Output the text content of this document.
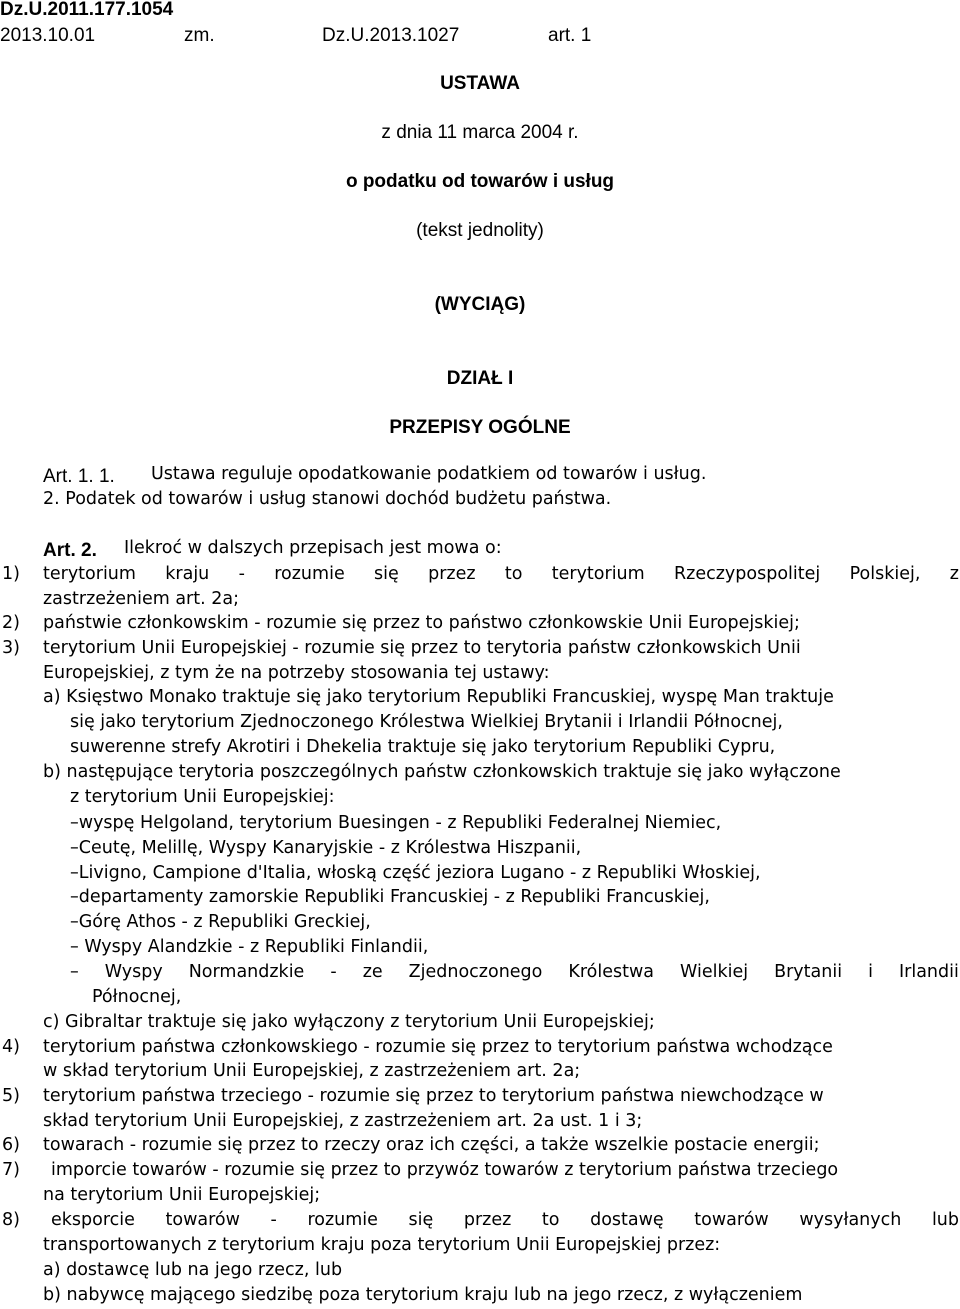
Dz.U.2011.177.1054
2013.10.01	zm.	Dz.U.2013.1027	art. 1
USTAWA
z dnia 11 marca 2004 r.
o podatku od towarów i usług
(tekst jednolity)
(WYCIĄG)
DZIAŁ I
PRZEPISY OGÓLNE
Art. 1. 1. Ustawa reguluje opodatkowanie podatkiem od towarów i usług.
2. Podatek od towarów i usług stanowi dochód budżetu państwa.
Art. 2. Ilekroć w dalszych przepisach jest mowa o:
1) terytorium kraju - rozumie się przez to terytorium Rzeczypospolitej Polskiej, z
zastrzeżeniem art. 2a;
2) państwie członkowskim - rozumie się przez to państwo członkowskie Unii Europejskiej;
3) terytorium Unii Europejskiej - rozumie się przez to terytoria państw członkowskich Unii
Europejskiej, z tym że na potrzeby stosowania tej ustawy:
a) Księstwo Monako traktuje się jako terytorium Republiki Francuskiej, wyspę Man traktuje
się jako terytorium Zjednoczonego Królestwa Wielkiej Brytanii i Irlandii Północnej,
suwerenne strefy Akrotiri i Dhekelia traktuje się jako terytorium Republiki Cypru,
b) następujące terytoria poszczególnych państw członkowskich traktuje się jako wyłączone
z terytorium Unii Europejskiej:
–wyspę Helgoland, terytorium Buesingen - z Republiki Federalnej Niemiec,
–Ceutę, Melillę, Wyspy Kanaryjskie - z Królestwa Hiszpanii,
–Livigno, Campione d'Italia, włoską część jeziora Lugano - z Republiki Włoskiej,
–departamenty zamorskie Republiki Francuskiej - z Republiki Francuskiej,
–Górę Athos - z Republiki Greckiej,
– Wyspy Alandzkie - z Republiki Finlandii,
– Wyspy Normandzkie - ze Zjednoczonego Królestwa Wielkiej Brytanii i Irlandii
Północnej,
c) Gibraltar traktuje się jako wyłączony z terytorium Unii Europejskiej;
4) terytorium państwa członkowskiego - rozumie się przez to terytorium państwa wchodzące
w skład terytorium Unii Europejskiej, z zastrzeżeniem art. 2a;
5) terytorium państwa trzeciego - rozumie się przez to terytorium państwa niewchodzące w
skład terytorium Unii Europejskiej, z zastrzeżeniem art. 2a ust. 1 i 3;
6) towarach - rozumie się przez to rzeczy oraz ich części, a także wszelkie postacie energii;
7) imporcie towarów - rozumie się przez to przywóz towarów z terytorium państwa trzeciego
na terytorium Unii Europejskiej;
8) eksporcie towarów - rozumie się przez to dostawę towarów wysyłanych lub
transportowanych z terytorium kraju poza terytorium Unii Europejskiej przez:
a) dostawcę lub na jego rzecz, lub
b) nabywcę mającego siedzibę poza terytorium kraju lub na jego rzecz, z wyłączeniem
